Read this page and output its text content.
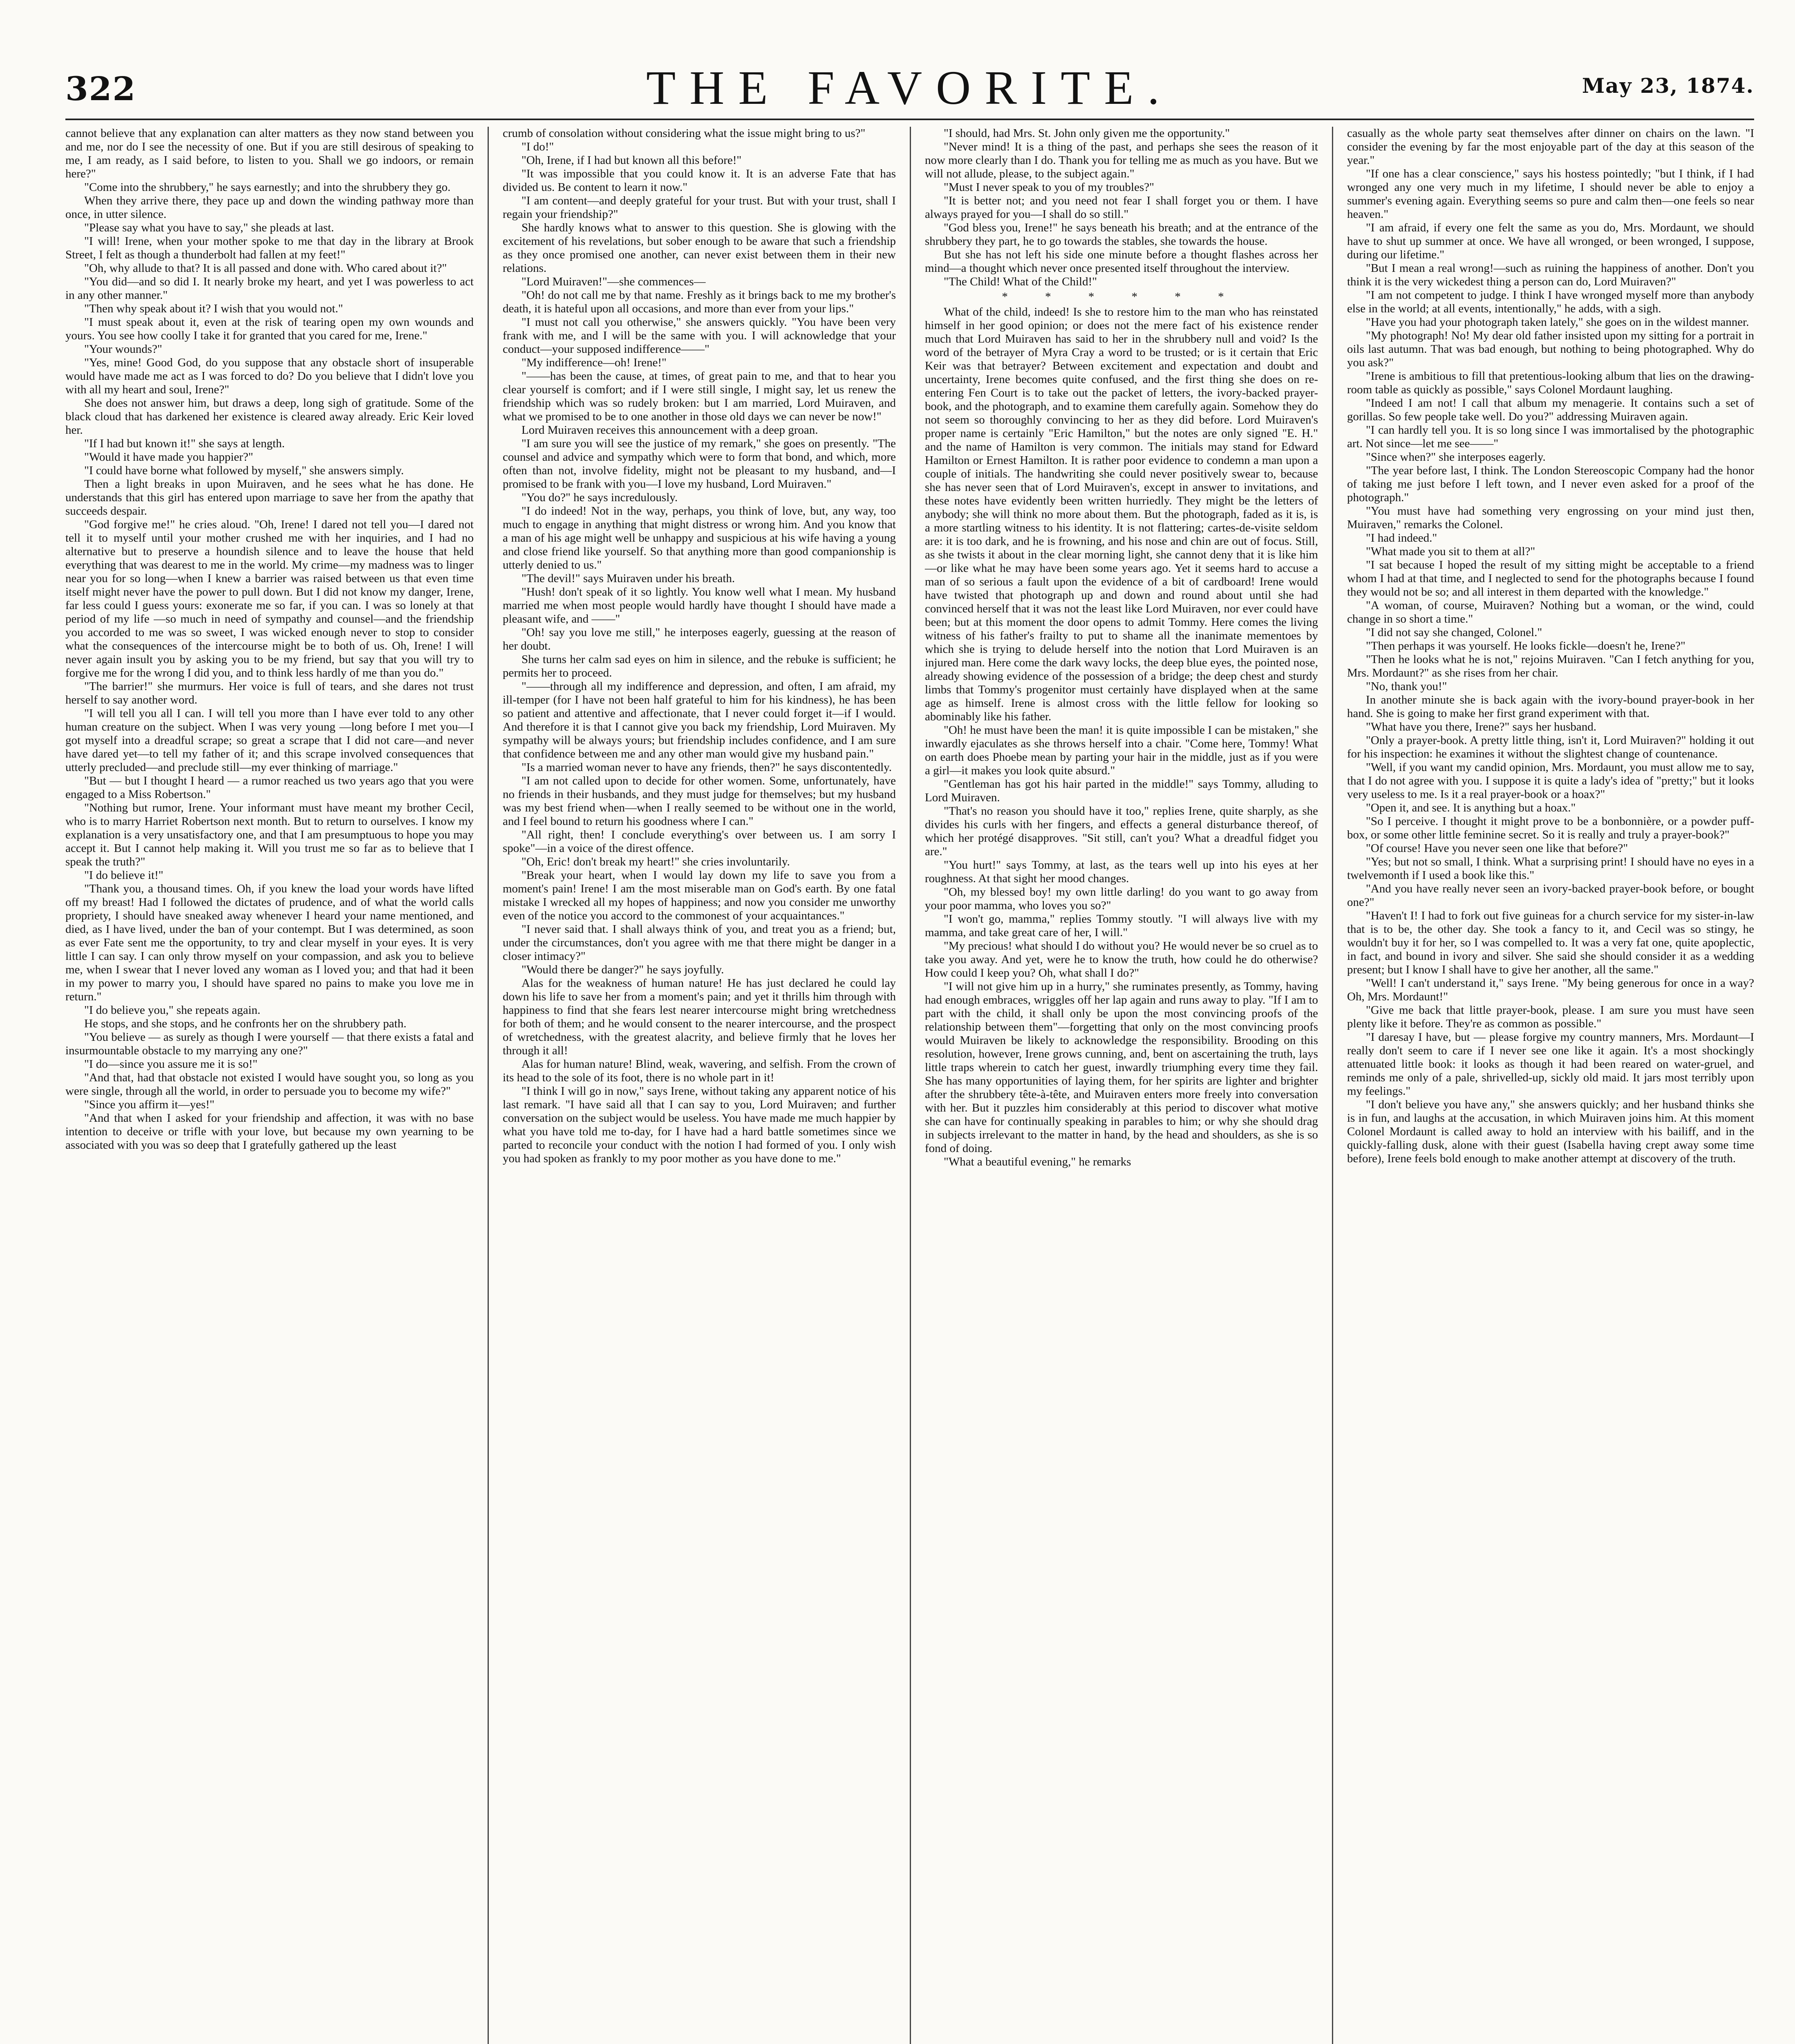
322	THE FAVORITE.	May 23, 1874.

cannot believe that any explanation can alter matters as they now stand between you and me, nor do I see the necessity of one. But if you are still desirous of speaking to me, I am ready, as I said before, to listen to you. Shall we go indoors, or remain here?"

"Come into the shrubbery," he says earnestly; and into the shrubbery they go.

When they arrive there, they pace up and down the winding pathway more than once, in utter silence.

"Please say what you have to say," she pleads at last.

"I will! Irene, when your mother spoke to me that day in the library at Brook Street, I felt as though a thunderbolt had fallen at my feet!"

"Oh, why allude to that? It is all passed and done with. Who cared about it?"

"You did—and so did I. It nearly broke my heart, and yet I was powerless to act in any other manner."

"Then why speak about it? I wish that you would not."

"I must speak about it, even at the risk of tearing open my own wounds and yours. You see how coolly I take it for granted that you cared for me, Irene."

"Your wounds?"

"Yes, mine! Good God, do you suppose that any obstacle short of insuperable would have made me act as I was forced to do? Do you believe that I didn't love you with all my heart and soul, Irene?"

She does not answer him, but draws a deep, long sigh of gratitude. Some of the black cloud that has darkened her existence is cleared away already. Eric Keir loved her.

"If I had but known it!" she says at length.

"Would it have made you happier?"

"I could have borne what followed by myself," she answers simply.

Then a light breaks in upon Muiraven, and he sees what he has done. He understands that this girl has entered upon marriage to save her from the apathy that succeeds despair.

"God forgive me!" he cries aloud. "Oh, Irene! I dared not tell you—I dared not tell it to myself until your mother crushed me with her inquiries, and I had no alternative but to preserve a houndish silence and to leave the house that held everything that was dearest to me in the world. My crime—my madness was to linger near you for so long—when I knew a barrier was raised between us that even time itself might never have the power to pull down. But I did not know my danger, Irene, far less could I guess yours: exonerate me so far, if you can. I was so lonely at that period of my life —so much in need of sympathy and counsel—and the friendship you accorded to me was so sweet, I was wicked enough never to stop to consider what the consequences of the intercourse might be to both of us. Oh, Irene! I will never again insult you by asking you to be my friend, but say that you will try to forgive me for the wrong I did you, and to think less hardly of me than you do."

"The barrier!" she murmurs. Her voice is full of tears, and she dares not trust herself to say another word.

"I will tell you all I can. I will tell you more than I have ever told to any other human creature on the subject. When I was very young —long before I met you—I got myself into a dreadful scrape; so great a scrape that I did not care—and never have dared yet—to tell my father of it; and this scrape involved consequences that utterly precluded—and preclude still—my ever thinking of marriage."

"But — but I thought I heard — a rumor reached us two years ago that you were engaged to a Miss Robertson."

"Nothing but rumor, Irene. Your informant must have meant my brother Cecil, who is to marry Harriet Robertson next month. But to return to ourselves. I know my explanation is a very unsatisfactory one, and that I am presumptuous to hope you may accept it. But I cannot help making it. Will you trust me so far as to believe that I speak the truth?"

"I do believe it!"

"Thank you, a thousand times. Oh, if you knew the load your words have lifted off my breast! Had I followed the dictates of prudence, and of what the world calls propriety, I should have sneaked away whenever I heard your name mentioned, and died, as I have lived, under the ban of your contempt. But I was determined, as soon as ever Fate sent me the opportunity, to try and clear myself in your eyes. It is very little I can say. I can only throw myself on your compassion, and ask you to believe me, when I swear that I never loved any woman as I loved you; and that had it been in my power to marry you, I should have spared no pains to make you love me in return."

"I do believe you," she repeats again.

He stops, and she stops, and he confronts her on the shrubbery path.

"You believe — as surely as though I were yourself — that there exists a fatal and insurmountable obstacle to my marrying any one?"

"I do—since you assure me it is so!"

"And that, had that obstacle not existed I would have sought you, so long as you were single, through all the world, in order to persuade you to become my wife?"

"Since you affirm it—yes!"

"And that when I asked for your friendship and affection, it was with no base intention to deceive or trifle with your love, but because my own yearning to be associated with you was so deep that I gratefully gathered up the least

crumb of consolation without considering what the issue might bring to us?"

"I do!"

"Oh, Irene, if I had but known all this before!"

"It was impossible that you could know it. It is an adverse Fate that has divided us. Be content to learn it now."

"I am content—and deeply grateful for your trust. But with your trust, shall I regain your friendship?"

She hardly knows what to answer to this question. She is glowing with the excitement of his revelations, but sober enough to be aware that such a friendship as they once promised one another, can never exist between them in their new relations.

"Lord Muiraven!"—she commences—

"Oh! do not call me by that name. Freshly as it brings back to me my brother's death, it is hateful upon all occasions, and more than ever from your lips."

"I must not call you otherwise," she answers quickly. "You have been very frank with me, and I will be the same with you. I will acknowledge that your conduct—your supposed indifference——"

"My indifference—oh! Irene!"

"——has been the cause, at times, of great pain to me, and that to hear you clear yourself is comfort; and if I were still single, I might say, let us renew the friendship which was so rudely broken: but I am married, Lord Muiraven, and what we promised to be to one another in those old days we can never be now!"

Lord Muiraven receives this announcement with a deep groan.

"I am sure you will see the justice of my remark," she goes on presently. "The counsel and advice and sympathy which were to form that bond, and which, more often than not, involve fidelity, might not be pleasant to my husband, and—I promised to be frank with you—I love my husband, Lord Muiraven."

"You do?" he says incredulously.

"I do indeed! Not in the way, perhaps, you think of love, but, any way, too much to engage in anything that might distress or wrong him. And you know that a man of his age might well be unhappy and suspicious at his wife having a young and close friend like yourself. So that anything more than good companionship is utterly denied to us."

"The devil!" says Muiraven under his breath.

"Hush! don't speak of it so lightly. You know well what I mean. My husband married me when most people would hardly have thought I should have made a pleasant wife, and ——"

"Oh! say you love me still," he interposes eagerly, guessing at the reason of her doubt.

She turns her calm sad eyes on him in silence, and the rebuke is sufficient; he permits her to proceed.

"——through all my indifference and depression, and often, I am afraid, my ill-temper (for I have not been half grateful to him for his kindness), he has been so patient and attentive and affectionate, that I never could forget it—if I would. And therefore it is that I cannot give you back my friendship, Lord Muiraven. My sympathy will be always yours; but friendship includes confidence, and I am sure that confidence between me and any other man would give my husband pain."

"Is a married woman never to have any friends, then?" he says discontentedly.

"I am not called upon to decide for other women. Some, unfortunately, have no friends in their husbands, and they must judge for themselves; but my husband was my best friend when—when I really seemed to be without one in the world, and I feel bound to return his goodness where I can."

"All right, then! I conclude everything's over between us. I am sorry I spoke"—in a voice of the direst offence.

"Oh, Eric! don't break my heart!" she cries involuntarily.

"Break your heart, when I would lay down my life to save you from a moment's pain! Irene! I am the most miserable man on God's earth. By one fatal mistake I wrecked all my hopes of happiness; and now you consider me unworthy even of the notice you accord to the commonest of your acquaintances."

"I never said that. I shall always think of you, and treat you as a friend; but, under the circumstances, don't you agree with me that there might be danger in a closer intimacy?"

"Would there be danger?" he says joyfully.

Alas for the weakness of human nature! He has just declared he could lay down his life to save her from a moment's pain; and yet it thrills him through with happiness to find that she fears lest nearer intercourse might bring wretchedness for both of them; and he would consent to the nearer intercourse, and the prospect of wretchedness, with the greatest alacrity, and believe firmly that he loves her through it all!

Alas for human nature! Blind, weak, wavering, and selfish. From the crown of its head to the sole of its foot, there is no whole part in it!

"I think I will go in now," says Irene, without taking any apparent notice of his last remark. "I have said all that I can say to you, Lord Muiraven; and further conversation on the subject would be useless. You have made me much happier by what you have told me to-day, for I have had a hard battle sometimes since we parted to reconcile your conduct with the notion I had formed of you. I only wish you had spoken as frankly to my poor mother as you have done to me."

"I should, had Mrs. St. John only given me the opportunity."

"Never mind! It is a thing of the past, and perhaps she sees the reason of it now more clearly than I do. Thank you for telling me as much as you have. But we will not allude, please, to the subject again."

"Must I never speak to you of my troubles?"

"It is better not; and you need not fear I shall forget you or them. I have always prayed for you—I shall do so still."

"God bless you, Irene!" he says beneath his breath; and at the entrance of the shrubbery they part, he to go towards the stables, she towards the house.

But she has not left his side one minute before a thought flashes across her mind—a thought which never once presented itself throughout the interview.

"The Child! What of the Child!"

* * * * * *

What of the child, indeed! Is she to restore him to the man who has reinstated himself in her good opinion; or does not the mere fact of his existence render much that Lord Muiraven has said to her in the shrubbery null and void? Is the word of the betrayer of Myra Cray a word to be trusted; or is it certain that Eric Keir was that betrayer? Between excitement and expectation and doubt and uncertainty, Irene becomes quite confused, and the first thing she does on re-entering Fen Court is to take out the packet of letters, the ivory-backed prayer-book, and the photograph, and to examine them carefully again. Somehow they do not seem so thoroughly convincing to her as they did before. Lord Muiraven's proper name is certainly "Eric Hamilton," but the notes are only signed "E. H." and the name of Hamilton is very common. The initials may stand for Edward Hamilton or Ernest Hamilton. It is rather poor evidence to condemn a man upon a couple of initials. The handwriting she could never positively swear to, because she has never seen that of Lord Muiraven's, except in answer to invitations, and these notes have evidently been written hurriedly. They might be the letters of anybody; she will think no more about them. But the photograph, faded as it is, is a more startling witness to his identity. It is not flattering; cartes-de-visite seldom are: it is too dark, and he is frowning, and his nose and chin are out of focus. Still, as she twists it about in the clear morning light, she cannot deny that it is like him—or like what he may have been some years ago. Yet it seems hard to accuse a man of so serious a fault upon the evidence of a bit of cardboard! Irene would have twisted that photograph up and down and round about until she had convinced herself that it was not the least like Lord Muiraven, nor ever could have been; but at this moment the door opens to admit Tommy. Here comes the living witness of his father's frailty to put to shame all the inanimate mementoes by which she is trying to delude herself into the notion that Lord Muiraven is an injured man. Here come the dark wavy locks, the deep blue eyes, the pointed nose, already showing evidence of the possession of a bridge; the deep chest and sturdy limbs that Tommy's progenitor must certainly have displayed when at the same age as himself. Irene is almost cross with the little fellow for looking so abominably like his father.

"Oh! he must have been the man! it is quite impossible I can be mistaken," she inwardly ejaculates as she throws herself into a chair. "Come here, Tommy! What on earth does Phoebe mean by parting your hair in the middle, just as if you were a girl—it makes you look quite absurd."

"Gentleman has got his hair parted in the middle!" says Tommy, alluding to Lord Muiraven.

"That's no reason you should have it too," replies Irene, quite sharply, as she divides his curls with her fingers, and effects a general disturbance thereof, of which her protégé disapproves. "Sit still, can't you? What a dreadful fidget you are."

"You hurt!" says Tommy, at last, as the tears well up into his eyes at her roughness. At that sight her mood changes.

"Oh, my blessed boy! my own little darling! do you want to go away from your poor mamma, who loves you so?"

"I won't go, mamma," replies Tommy stoutly. "I will always live with my mamma, and take great care of her, I will."

"My precious! what should I do without you? He would never be so cruel as to take you away. And yet, were he to know the truth, how could he do otherwise? How could I keep you? Oh, what shall I do?"

"I will not give him up in a hurry," she ruminates presently, as Tommy, having had enough embraces, wriggles off her lap again and runs away to play. "If I am to part with the child, it shall only be upon the most convincing proofs of the relationship between them"—forgetting that only on the most convincing proofs would Muiraven be likely to acknowledge the responsibility. Brooding on this resolution, however, Irene grows cunning, and, bent on ascertaining the truth, lays little traps wherein to catch her guest, inwardly triumphing every time they fail. She has many opportunities of laying them, for her spirits are lighter and brighter after the shrubbery tête-à-tête, and Muiraven enters more freely into conversation with her. But it puzzles him considerably at this period to discover what motive she can have for continually speaking in parables to him; or why she should drag in subjects irrelevant to the matter in hand, by the head and shoulders, as she is so fond of doing.

"What a beautiful evening," he remarks

casually as the whole party seat themselves after dinner on chairs on the lawn. "I consider the evening by far the most enjoyable part of the day at this season of the year."

"If one has a clear conscience," says his hostess pointedly; "but I think, if I had wronged any one very much in my lifetime, I should never be able to enjoy a summer's evening again. Everything seems so pure and calm then—one feels so near heaven."

"I am afraid, if every one felt the same as you do, Mrs. Mordaunt, we should have to shut up summer at once. We have all wronged, or been wronged, I suppose, during our lifetime."

"But I mean a real wrong!—such as ruining the happiness of another. Don't you think it is the very wickedest thing a person can do, Lord Muiraven?"

"I am not competent to judge. I think I have wronged myself more than anybody else in the world; at all events, intentionally," he adds, with a sigh.

"Have you had your photograph taken lately," she goes on in the wildest manner.

"My photograph! No! My dear old father insisted upon my sitting for a portrait in oils last autumn. That was bad enough, but nothing to being photographed. Why do you ask?"

"Irene is ambitious to fill that pretentious-looking album that lies on the drawing-room table as quickly as possible," says Colonel Mordaunt laughing.

"Indeed I am not! I call that album my menagerie. It contains such a set of gorillas. So few people take well. Do you?" addressing Muiraven again.

"I can hardly tell you. It is so long since I was immortalised by the photographic art. Not since—let me see——"

"Since when?" she interposes eagerly.

"The year before last, I think. The London Stereoscopic Company had the honor of taking me just before I left town, and I never even asked for a proof of the photograph."

"You must have had something very engrossing on your mind just then, Muiraven," remarks the Colonel.

"I had indeed."

"What made you sit to them at all?"

"I sat because I hoped the result of my sitting might be acceptable to a friend whom I had at that time, and I neglected to send for the photographs because I found they would not be so; and all interest in them departed with the knowledge."

"A woman, of course, Muiraven? Nothing but a woman, or the wind, could change in so short a time."

"I did not say she changed, Colonel."

"Then perhaps it was yourself. He looks fickle—doesn't he, Irene?"

"Then he looks what he is not," rejoins Muiraven. "Can I fetch anything for you, Mrs. Mordaunt?" as she rises from her chair.

"No, thank you!"

In another minute she is back again with the ivory-bound prayer-book in her hand. She is going to make her first grand experiment with that.

"What have you there, Irene?" says her husband.

"Only a prayer-book. A pretty little thing, isn't it, Lord Muiraven?" holding it out for his inspection: he examines it without the slightest change of countenance.

"Well, if you want my candid opinion, Mrs. Mordaunt, you must allow me to say, that I do not agree with you. I suppose it is quite a lady's idea of "pretty;" but it looks very useless to me. Is it a real prayer-book or a hoax?"

"Open it, and see. It is anything but a hoax."

"So I perceive. I thought it might prove to be a bonbonnière, or a powder puff-box, or some other little feminine secret. So it is really and truly a prayer-book?"

"Of course! Have you never seen one like that before?"

"Yes; but not so small, I think. What a surprising print! I should have no eyes in a twelvemonth if I used a book like this."

"And you have really never seen an ivory-backed prayer-book before, or bought one?"

"Haven't I! I had to fork out five guineas for a church service for my sister-in-law that is to be, the other day. She took a fancy to it, and Cecil was so stingy, he wouldn't buy it for her, so I was compelled to. It was a very fat one, quite apoplectic, in fact, and bound in ivory and silver. She said she should consider it as a wedding present; but I know I shall have to give her another, all the same."

"Well! I can't understand it," says Irene. "My being generous for once in a way? Oh, Mrs. Mordaunt!"

"Give me back that little prayer-book, please. I am sure you must have seen plenty like it before. They're as common as possible."

"I daresay I have, but — please forgive my country manners, Mrs. Mordaunt—I really don't seem to care if I never see one like it again. It's a most shockingly attenuated little book: it looks as though it had been reared on water-gruel, and reminds me only of a pale, shrivelled-up, sickly old maid. It jars most terribly upon my feelings."

"I don't believe you have any," she answers quickly; and her husband thinks she is in fun, and laughs at the accusation, in which Muiraven joins him. At this moment Colonel Mordaunt is called away to hold an interview with his bailiff, and in the quickly-falling dusk, alone with their guest (Isabella having crept away some time before), Irene feels bold enough to make another attempt at discovery of the truth.
